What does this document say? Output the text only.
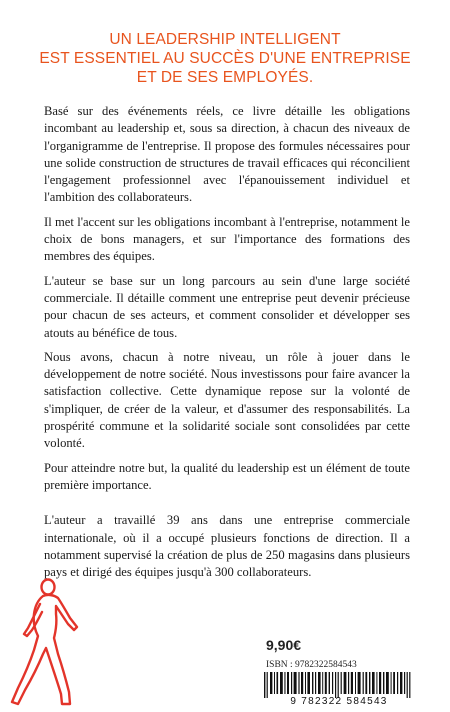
UN LEADERSHIP INTELLIGENT
EST ESSENTIEL AU SUCCÈS D'UNE ENTREPRISE
ET DE SES EMPLOYÉS.

Basé sur des événements réels, ce livre détaille les obligations incombant au leadership et, sous sa direction, à chacun des niveaux de l'organigramme de l'entreprise. Il propose des formules nécessaires pour une solide construction de structures de travail efficaces qui réconcilient l'engagement professionnel avec l'épanouissement individuel et l'ambition des collaborateurs.

Il met l'accent sur les obligations incombant à l'entreprise, notamment le choix de bons managers, et sur l'importance des formations des membres des équipes.

L'auteur se base sur un long parcours au sein d'une large société commerciale. Il détaille comment une entreprise peut devenir précieuse pour chacun de ses acteurs, et comment consolider et développer ses atouts au bénéfice de tous.

Nous avons, chacun à notre niveau, un rôle à jouer dans le développement de notre société. Nous investissons pour faire avancer la satisfaction collective. Cette dynamique repose sur la volonté de s'impliquer, de créer de la valeur, et d'assumer des responsabilités. La prospérité commune et la solidarité sociale sont consolidées par cette volonté.

Pour atteindre notre but, la qualité du leadership est un élément de toute première importance.

L'auteur a travaillé 39 ans dans une entreprise commerciale internationale, où il a occupé plusieurs fonctions de direction. Il a notamment supervisé la création de plus de 250 magasins dans plusieurs pays et dirigé des équipes jusqu'à 300 collaborateurs.

9,90€
ISBN : 9782322584543
9 782322 584543
